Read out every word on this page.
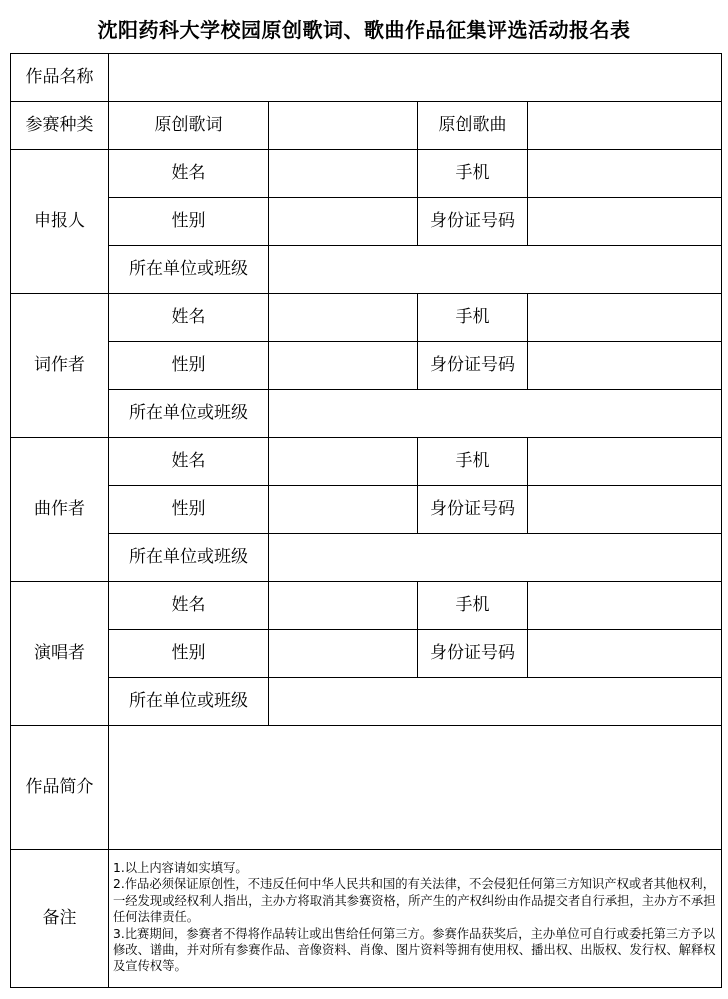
沈阳药科大学校园原创歌词、歌曲作品征集评选活动报名表
作品名称				
参赛种类	原创歌词		原创歌曲	
申报人	姓名		手机	
	性别		身份证号码	
	所在单位或班级			
词作者	姓名		手机	
	性别		身份证号码	
	所在单位或班级			
曲作者	姓名		手机	
	性别		身份证号码	
	所在单位或班级			
演唱者	姓名		手机	
	性别		身份证号码	
	所在单位或班级			
作品简介				
备注	1.以上内容请如实填写。
2.作品必须保证原创性，不违反任何中华人民共和国的有关法律，不会侵犯任何第三方知识产权或者其他权利，一经发现或经权利人指出，主办方将取消其参赛资格，所产生的产权纠纷由作品提交者自行承担，主办方不承担任何法律责任。
3.比赛期间，参赛者不得将作品转让或出售给任何第三方。参赛作品获奖后，主办单位可自行或委托第三方予以修改、谱曲，并对所有参赛作品、音像资料、肖像、图片资料等拥有使用权、播出权、出版权、发行权、解释权及宣传权等。			
